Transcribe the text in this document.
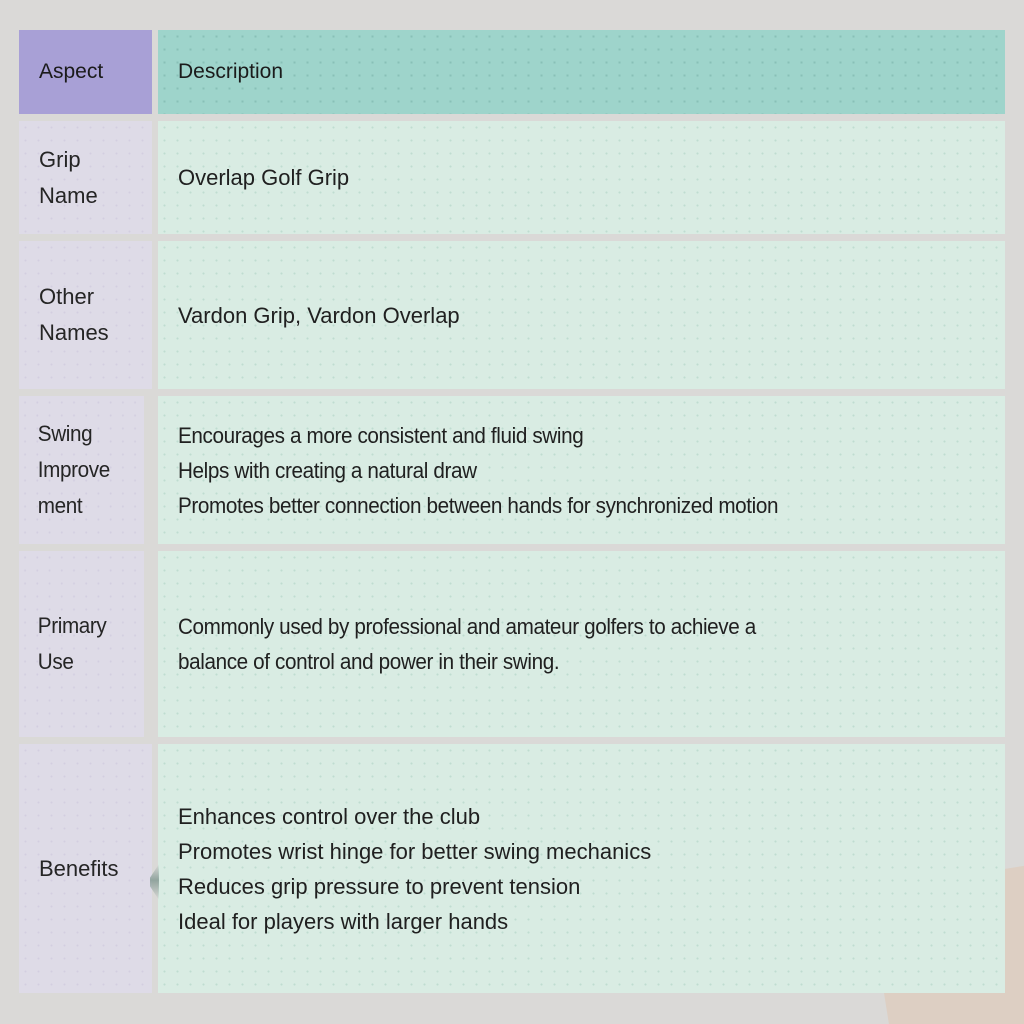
Aspect	Description
Grip Name
Overlap Golf Grip
Other Names
Vardon Grip, Vardon Overlap
Swing Improvement
Encourages a more consistent and fluid swing
Helps with creating a natural draw
Promotes better connection between hands for synchronized motion
Primary Use
Commonly used by professional and amateur golfers to achieve a
balance of control and power in their swing.
Benefits
Enhances control over the club
Promotes wrist hinge for better swing mechanics
Reduces grip pressure to prevent tension
Ideal for players with larger hands
